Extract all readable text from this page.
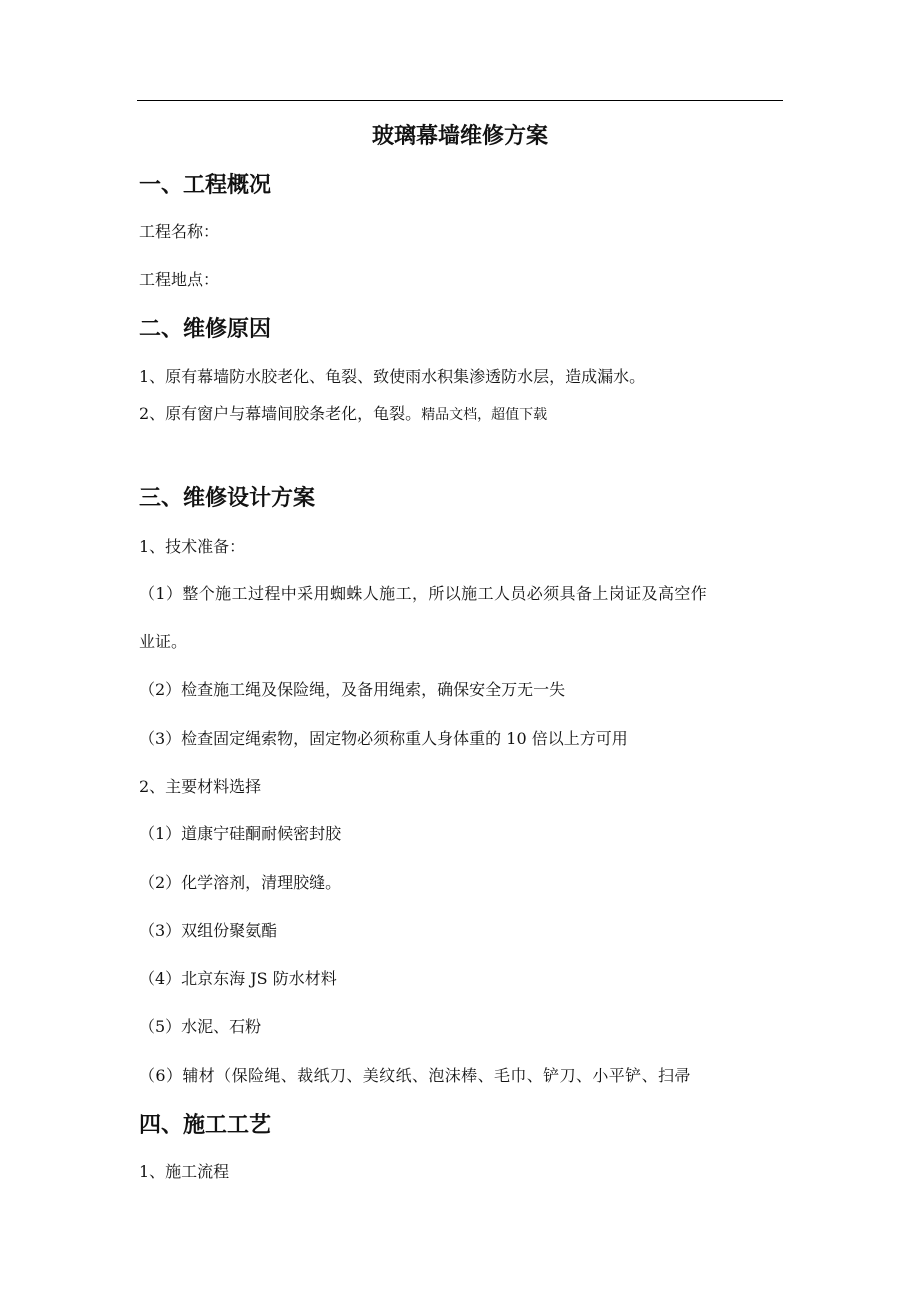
玻璃幕墙维修方案
一、工程概况
工程名称：
工程地点：
二、维修原因
1、原有幕墙防水胶老化、龟裂、致使雨水积集渗透防水层，造成漏水。
2、原有窗户与幕墙间胶条老化，龟裂。精品文档，超值下载
三、维修设计方案
1、技术准备：
（1）整个施工过程中采用蜘蛛人施工，所以施工人员必须具备上岗证及高空作
业证。
（2）检查施工绳及保险绳，及备用绳索，确保安全万无一失
（3）检查固定绳索物，固定物必须称重人身体重的 10 倍以上方可用
2、主要材料选择
（1）道康宁硅酮耐候密封胶
（2）化学溶剂，清理胶缝。
（3）双组份聚氨酯
（4）北京东海 JS 防水材料
（5）水泥、石粉
（6）辅材（保险绳、裁纸刀、美纹纸、泡沫棒、毛巾、铲刀、小平铲、扫帚
四、施工工艺
1、施工流程
